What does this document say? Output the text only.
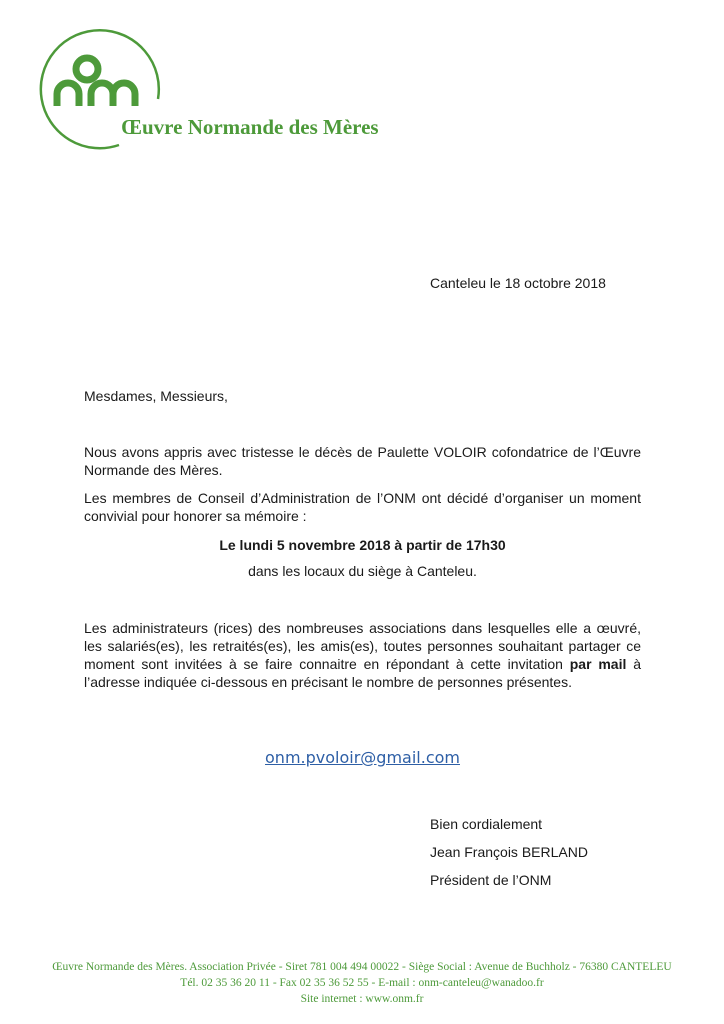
Œuvre Normande des Mères
Canteleu le 18 octobre 2018
Mesdames, Messieurs,
Nous avons appris avec tristesse le décès de Paulette VOLOIR cofondatrice de l’Œuvre Normande des Mères.
Les membres de Conseil d’Administration de l’ONM ont décidé d’organiser un moment convivial pour honorer sa mémoire :
Le lundi 5 novembre 2018 à partir de 17h30
dans les locaux du siège à Canteleu.
Les administrateurs (rices) des nombreuses associations dans lesquelles elle a œuvré, les salariés(es), les retraités(es), les amis(es), toutes personnes souhaitant partager ce moment sont invitées à se faire connaitre en répondant à cette invitation par mail à l’adresse indiquée ci-dessous en précisant le nombre de personnes présentes.
onm.pvoloir@gmail.com
Bien cordialement
Jean François BERLAND
Président de l’ONM
Œuvre Normande des Mères. Association Privée - Siret 781 004 494 00022 - Siège Social : Avenue de Buchholz - 76380 CANTELEU
Tél. 02 35 36 20 11 - Fax 02 35 36 52 55 - E-mail : onm-canteleu@wanadoo.fr
Site internet : www.onm.fr
